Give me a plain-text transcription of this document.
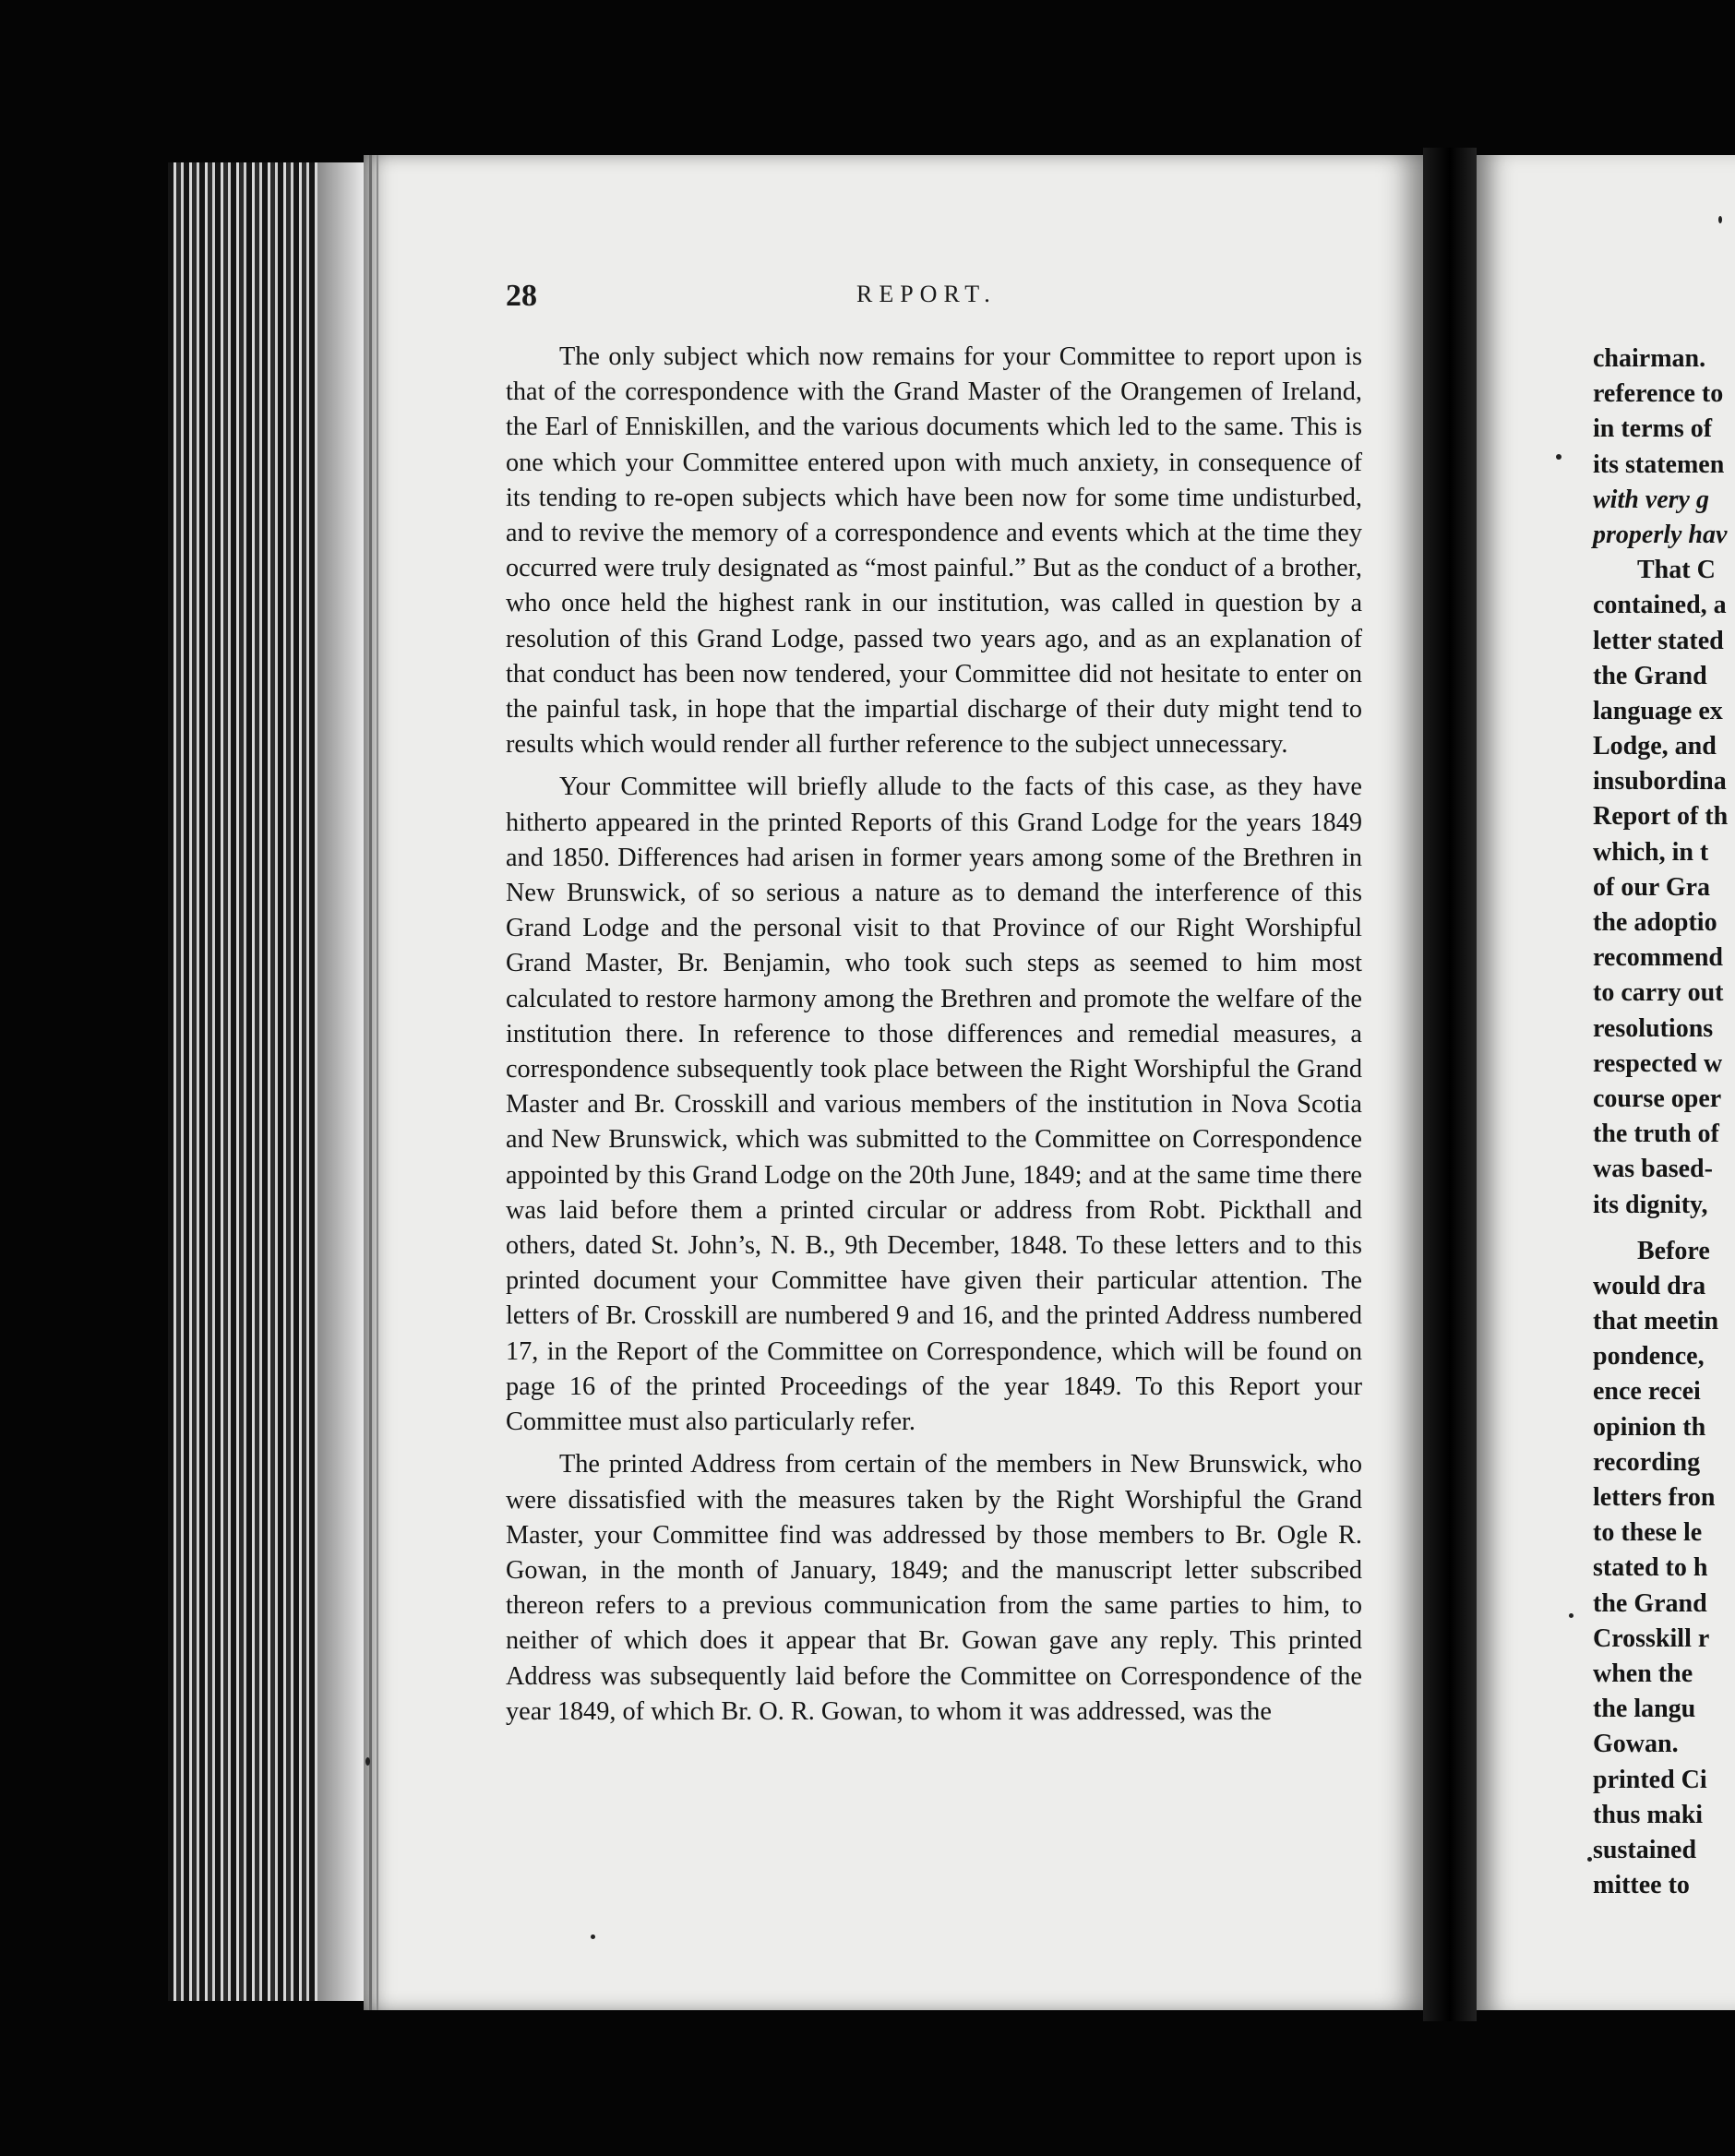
28	REPORT.

The only subject which now remains for your Committee to report upon is that of the correspondence with the Grand Master of the Orangemen of Ireland, the Earl of Enniskillen, and the various documents which led to the same. This is one which your Committee entered upon with much anxiety, in consequence of its tending to re-open subjects which have been now for some time undisturbed, and to revive the memory of a correspondence and events which at the time they occurred were truly designated as “most painful.” But as the conduct of a brother, who once held the highest rank in our institution, was called in question by a resolution of this Grand Lodge, passed two years ago, and as an explanation of that conduct has been now tendered, your Committee did not hesitate to enter on the painful task, in hope that the impartial discharge of their duty might tend to results which would render all further reference to the subject unnecessary.

Your Committee will briefly allude to the facts of this case, as they have hitherto appeared in the printed Reports of this Grand Lodge for the years 1849 and 1850. Differences had arisen in former years among some of the Brethren in New Brunswick, of so serious a nature as to demand the interference of this Grand Lodge and the personal visit to that Province of our Right Worshipful Grand Master, Br. Benjamin, who took such steps as seemed to him most calculated to restore harmony among the Brethren and promote the welfare of the institution there. In reference to those differences and remedial measures, a correspondence subsequently took place between the Right Worshipful the Grand Master and Br. Crosskill and various members of the institution in Nova Scotia and New Brunswick, which was submitted to the Committee on Correspondence appointed by this Grand Lodge on the 20th June, 1849; and at the same time there was laid before them a printed circular or address from Robt. Pickthall and others, dated St. John’s, N. B., 9th December, 1848. To these letters and to this printed document your Committee have given their particular attention. The letters of Br. Crosskill are numbered 9 and 16, and the printed Address numbered 17, in the Report of the Committee on Correspondence, which will be found on page 16 of the printed Proceedings of the year 1849. To this Report your Committee must also particularly refer.

The printed Address from certain of the members in New Brunswick, who were dissatisfied with the measures taken by the Right Worshipful the Grand Master, your Committee find was addressed by those members to Br. Ogle R. Gowan, in the month of January, 1849; and the manuscript letter subscribed thereon refers to a previous communication from the same parties to him, to neither of which does it appear that Br. Gowan gave any reply. This printed Address was subsequently laid before the Committee on Correspondence of the year 1849, of which Br. O. R. Gowan, to whom it was addressed, was the

chairman.
reference to
in terms of
its statemen
with very g
properly hav
That C
contained, a
letter stated
the Grand
language ex
Lodge, and
insubordina
Report of th
which, in t
of our Gra
the adoptio
recommend
to carry out
resolutions
respected w
course oper
the truth of
was based-
its dignity,
Before
would dra
that meetin
pondence,
ence recei
opinion th
recording
letters fron
to these le
stated to h
the Grand
Crosskill r
when the
the langu
Gowan.
printed Ci
thus maki
sustained
mittee to
